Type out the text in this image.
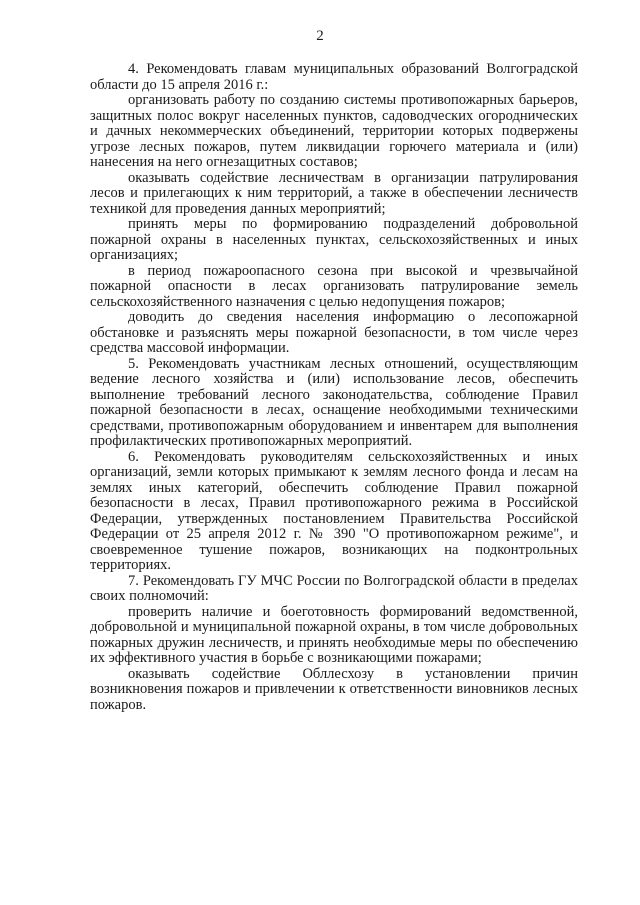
2

4. Рекомендовать главам муниципальных образований Волгоградской области до 15 апреля 2016 г.:

организовать работу по созданию системы противопожарных барьеров, защитных полос вокруг населенных пунктов, садоводческих огороднических и дачных некоммерческих объединений, территории которых подвержены угрозе лесных пожаров, путем ликвидации горючего материала и (или) нанесения на него огнезащитных составов;

оказывать содействие лесничествам в организации патрулирования лесов и прилегающих к ним территорий, а также в обеспечении лесничеств техникой для проведения данных мероприятий;

принять меры по формированию подразделений добровольной пожарной охраны в населенных пунктах, сельскохозяйственных и иных организациях;

в период пожароопасного сезона при высокой и чрезвычайной пожарной опасности в лесах организовать патрулирование земель сельскохозяйственного назначения с целью недопущения пожаров;

доводить до сведения населения информацию о лесопожарной обстановке и разъяснять меры пожарной безопасности, в том числе через средства массовой информации.

5. Рекомендовать участникам лесных отношений, осуществляющим ведение лесного хозяйства и (или) использование лесов, обеспечить выполнение требований лесного законодательства, соблюдение Правил пожарной безопасности в лесах, оснащение необходимыми техническими средствами, противопожарным оборудованием и инвентарем для выполнения профилактических противопожарных мероприятий.

6. Рекомендовать руководителям сельскохозяйственных и иных организаций, земли которых примыкают к землям лесного фонда и лесам на землях иных категорий, обеспечить соблюдение Правил пожарной безопасности в лесах, Правил противопожарного режима в Российской Федерации, утвержденных постановлением Правительства Российской Федерации от 25 апреля 2012 г. № 390 "О противопожарном режиме", и своевременное тушение пожаров, возникающих на подконтрольных территориях.

7. Рекомендовать ГУ МЧС России по Волгоградской области в пределах своих полномочий:

проверить наличие и боеготовность формирований ведомственной, добровольной и муниципальной пожарной охраны, в том числе добровольных пожарных дружин лесничеств, и принять необходимые меры по обеспечению их эффективного участия в борьбе с возникающими пожарами;

оказывать содействие Обллесхозу в установлении причин возникновения пожаров и привлечении к ответственности виновников лесных пожаров.
